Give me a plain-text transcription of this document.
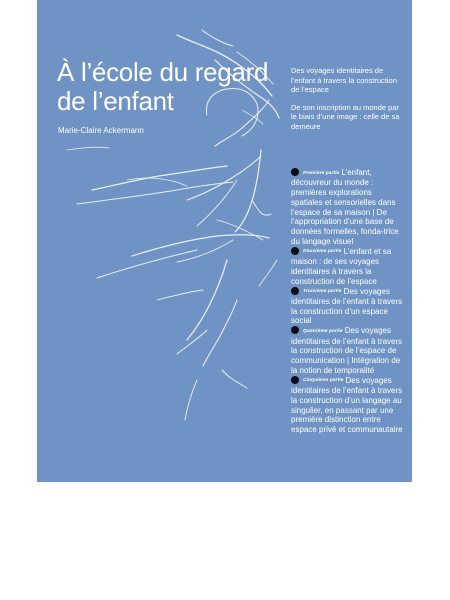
À l’école du regard de l’enfant
Marie-Claire Ackermann

Des voyages identitaires de l’enfant à travers la construction de l’espace

De son inscription au monde par le biais d’une image : celle de sa demeure

Première partie L’enfant, découvreur du monde : premières explorations spatiales et sensorielles dans l’espace de sa maison | De l’appropriation d’une base de données formelles, fonda-trice du langage visuel
Deuxième partie L’enfant et sa maison : de ses voyages identitaires à travers la construction de l’espace
Troisième partie Des voyages identitaires de l’enfant à travers la construction d’un espace social
Quatrième partie Des voyages identitaires de l’enfant à travers la construction de l’espace de communication | Intégration de la notion de temporalité
Cinquième partie Des voyages identitaires de l’enfant à travers la construction d’un langage au singulier, en passant par une première distinction entre espace privé et communautaire
